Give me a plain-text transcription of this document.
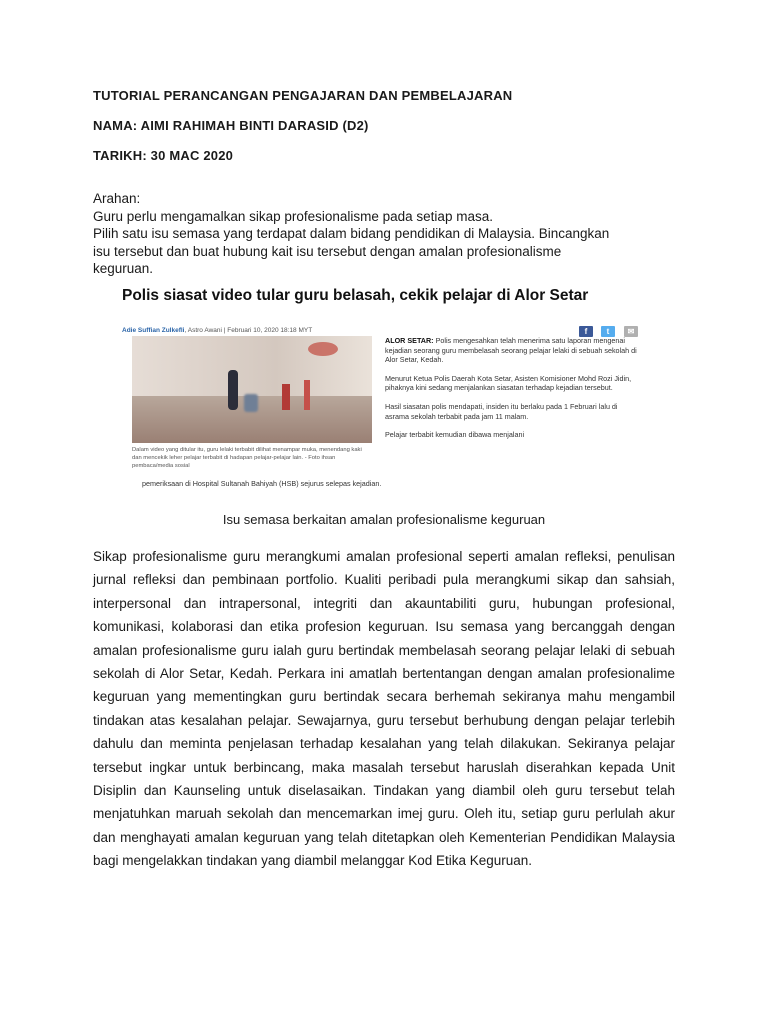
TUTORIAL PERANCANGAN PENGAJARAN DAN PEMBELAJARAN
NAMA: AIMI RAHIMAH BINTI DARASID (D2)
TARIKH: 30 MAC 2020
Arahan:
Guru perlu mengamalkan sikap profesionalisme pada setiap masa.
Pilih satu isu semasa yang terdapat dalam bidang pendidikan di Malaysia. Bincangkan
isu tersebut dan buat hubung kait isu tersebut dengan amalan profesionalisme
keguruan.
Polis siasat video tular guru belasah, cekik pelajar di Alor Setar
Adie Suffian Zulkefli, Astro Awani | Februari 10, 2020 18:18 MYT	f	t	✉
Dalam video yang ditular itu, guru lelaki terbabit dilihat menampar muka, menendang kaki dan mencekik leher pelajar terbabit di hadapan pelajar-pelajar lain. - Foto ihsan pembaca/media sosial

ALOR SETAR: Polis mengesahkan telah menerima satu laporan mengenai kejadian seorang guru membelasah seorang pelajar lelaki di sebuah sekolah di Alor Setar, Kedah.

Menurut Ketua Polis Daerah Kota Setar, Asisten Komisioner Mohd Rozi Jidin, pihaknya kini sedang menjalankan siasatan terhadap kejadian tersebut.

Hasil siasatan polis mendapati, insiden itu berlaku pada 1 Februari lalu di asrama sekolah terbabit pada jam 11 malam.

Pelajar terbabit kemudian dibawa menjalani

pemeriksaan di Hospital Sultanah Bahiyah (HSB) sejurus selepas kejadian.
Isu semasa berkaitan amalan profesionalisme keguruan
Sikap profesionalisme guru merangkumi amalan profesional seperti amalan refleksi, penulisan jurnal refleksi dan pembinaan portfolio. Kualiti peribadi pula merangkumi sikap dan sahsiah, interpersonal dan intrapersonal, integriti dan akauntabiliti guru, hubungan profesional, komunikasi, kolaborasi dan etika profesion keguruan. Isu semasa yang bercanggah dengan amalan profesionalisme guru ialah guru bertindak membelasah seorang pelajar lelaki di sebuah sekolah di Alor Setar, Kedah. Perkara ini amatlah bertentangan dengan amalan profesionalime keguruan yang mementingkan guru bertindak secara berhemah sekiranya mahu mengambil tindakan atas kesalahan pelajar. Sewajarnya, guru tersebut berhubung dengan pelajar terlebih dahulu dan meminta penjelasan terhadap kesalahan yang telah dilakukan. Sekiranya pelajar tersebut ingkar untuk berbincang, maka masalah tersebut haruslah diserahkan kepada Unit Disiplin dan Kaunseling untuk diselasaikan. Tindakan yang diambil oleh guru tersebut telah menjatuhkan maruah sekolah dan mencemarkan imej guru. Oleh itu, setiap guru perlulah akur dan menghayati amalan keguruan yang telah ditetapkan oleh Kementerian Pendidikan Malaysia bagi mengelakkan tindakan yang diambil melanggar Kod Etika Keguruan.
